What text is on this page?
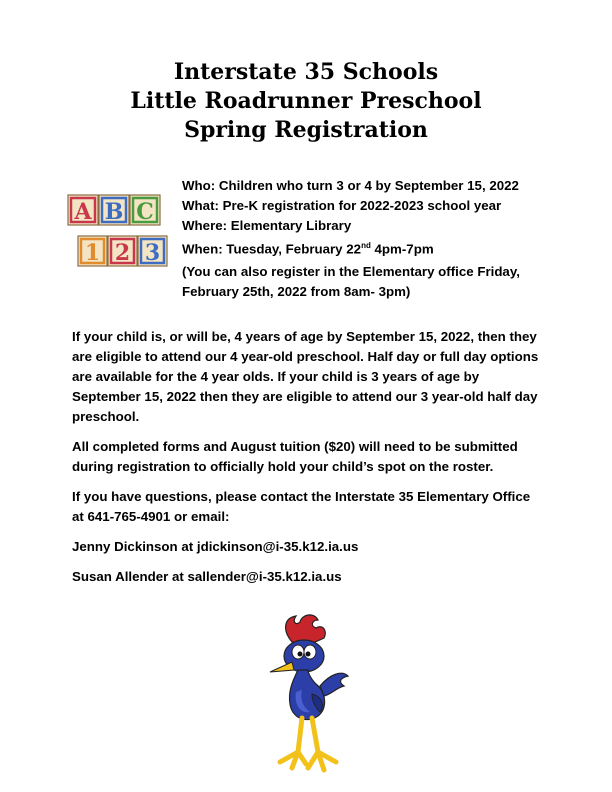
Interstate 35 Schools
Little Roadrunner Preschool
Spring Registration
A B C
1 2 3
Who: Children who turn 3 or 4 by September 15, 2022
What: Pre-K registration for 2022-2023 school year
Where: Elementary Library
When: Tuesday, February 22nd 4pm-7pm
(You can also register in the Elementary office Friday,
February 25th, 2022 from 8am- 3pm)

If your child is, or will be, 4 years of age by September 15, 2022, then they are eligible to attend our 4 year-old preschool. Half day or full day options are available for the 4 year olds. If your child is 3 years of age by September 15, 2022 then they are eligible to attend our 3 year-old half day preschool.

All completed forms and August tuition ($20) will need to be submitted during registration to officially hold your child’s spot on the roster.

If you have questions, please contact the Interstate 35 Elementary Office at 641-765-4901 or email:

Jenny Dickinson at jdickinson@i-35.k12.ia.us

Susan Allender at sallender@i-35.k12.ia.us
